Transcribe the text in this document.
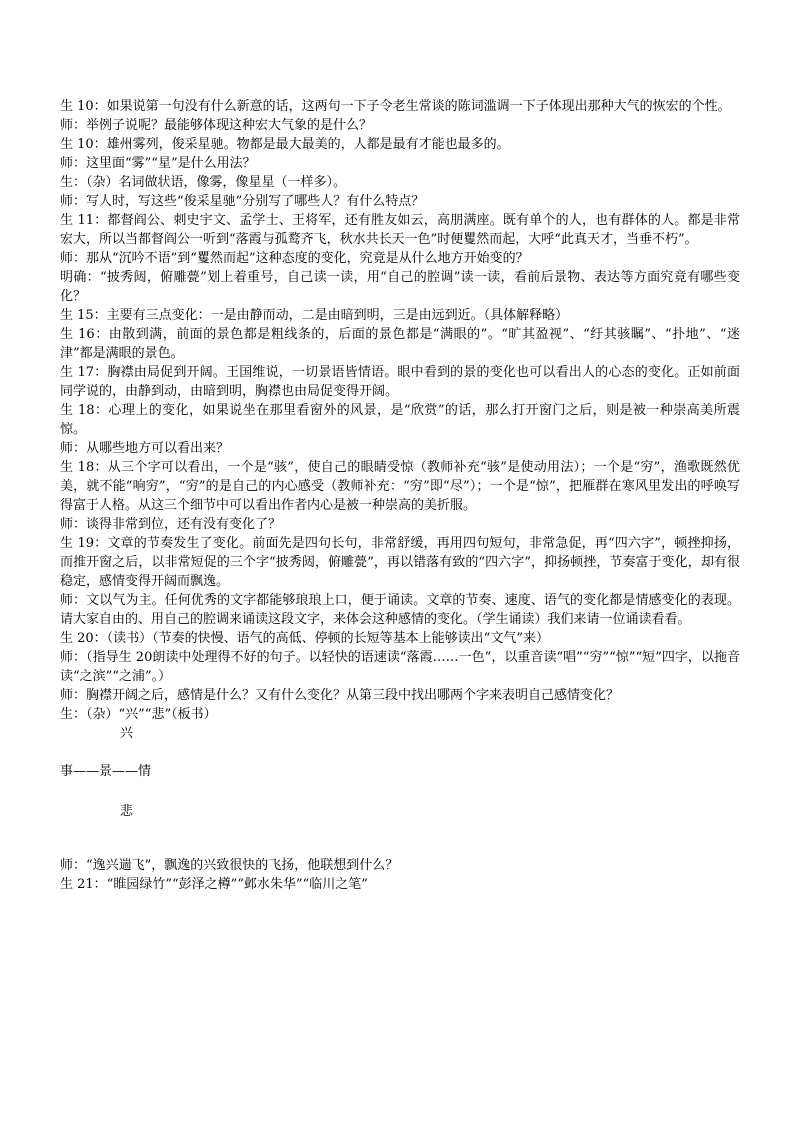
生 10：如果说第一句没有什么新意的话，这两句一下子令老生常谈的陈词滥调一下子体现出那种大气的恢宏的个性。

师：举例子说呢？最能够体现这种宏大气象的是什么？

生 10：雄州雾列，俊采星驰。物都是最大最美的，人都是最有才能也最多的。

师：这里面“雾”“星”是什么用法？

生：（杂）名词做状语，像雾，像星星（一样多）。

师：写人时，写这些“俊采星驰”分别写了哪些人？有什么特点？

生 11：都督阎公、刺史宇文、孟学士、王将军，还有胜友如云，高朋满座。既有单个的人，也有群体的人。都是非常宏大，所以当都督阎公一听到“落霞与孤鹜齐飞，秋水共长天一色”时便矍然而起，大呼“此真天才，当垂不朽”。

师：那从“沉吟不语”到“矍然而起”这种态度的变化，究竟是从什么地方开始变的？

明确：“披秀闼，俯雕甍”划上着重号，自己读一读，用“自己的腔调”读一读，看前后景物、表达等方面究竟有哪些变化？

生 15：主要有三点变化：一是由静而动，二是由暗到明，三是由远到近。（具体解释略）

生 16：由散到满，前面的景色都是粗线条的，后面的景色都是“满眼的”。“旷其盈视”、“纡其骇瞩”、“扑地”、“迷津”都是满眼的景色。

生 17：胸襟由局促到开阔。王国维说，一切景语皆情语。眼中看到的景的变化也可以看出人的心态的变化。正如前面同学说的，由静到动，由暗到明，胸襟也由局促变得开阔。

生 18：心理上的变化，如果说坐在那里看窗外的风景，是“欣赏”的话，那么打开窗门之后，则是被一种崇高美所震惊。

师：从哪些地方可以看出来？

生 18：从三个字可以看出，一个是“骇”，使自己的眼睛受惊（教师补充“骇”是使动用法）；一个是“穷”，渔歌既然优美，就不能“响穷”，“穷”的是自己的内心感受（教师补充：“穷”即“尽”）；一个是“惊”，把雁群在寒风里发出的呼唤写得富于人格。从这三个细节中可以看出作者内心是被一种崇高的美折服。

师：谈得非常到位，还有没有变化了？

生 19：文章的节奏发生了变化。前面先是四句长句，非常舒缓，再用四句短句，非常急促，再“四六字”，顿挫抑扬，而推开窗之后，以非常短促的三个字“披秀闼，俯雕甍”，再以错落有致的“四六字”，抑扬顿挫，节奏富于变化，却有很稳定，感情变得开阔而飘逸。

师：文以气为主。任何优秀的文字都能够琅琅上口，便于诵读。文章的节奏、速度、语气的变化都是情感变化的表现。请大家自由的、用自己的腔调来诵读这段文字，来体会这种感情的变化。（学生诵读）我们来请一位诵读看看。

生 20：（读书）（节奏的快慢、语气的高低、停顿的长短等基本上能够读出“文气”来）

师：（指导生 20朗读中处理得不好的句子。以轻快的语速读“落霞……一色”，以重音读“唱”“穷”“惊”“短”四字，以拖音读“之滨”“之浦”。）

师：胸襟开阔之后，感情是什么？又有什么变化？从第三段中找出哪两个字来表明自己感情变化？

生：（杂）“兴”“悲”（板书）

兴
事——景——情
悲

师：“逸兴遄飞”，飘逸的兴致很快的飞扬，他联想到什么？

生 21：“睢园绿竹”“彭泽之樽”“邺水朱华”“临川之笔”
